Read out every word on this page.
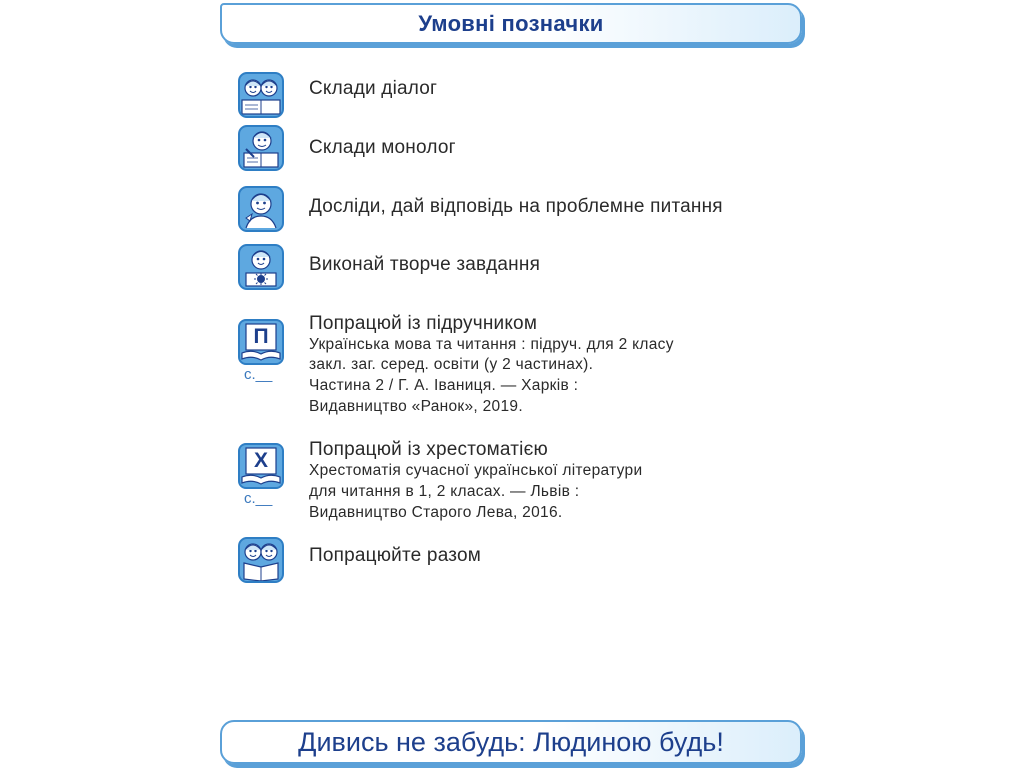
Умовні позначки
Склади діалог
Склади монолог
Досліди, дай відповідь на проблемне питання
Виконай творче завдання
П
с.__
Попрацюй із підручником
Українська мова та читання : підруч. для 2 класу
закл. заг. серед. освіти (у 2 частинах).
Частина 2 / Г. А. Іваниця. — Харків :
Видавництво «Ранок», 2019.
Х
с.__
Попрацюй із хрестоматією
Хрестоматія сучасної української літератури
для читання в 1, 2 класах. — Львів :
Видавництво Старого Лева, 2016.
Попрацюйте разом
Дивись не забудь: Людиною будь!
